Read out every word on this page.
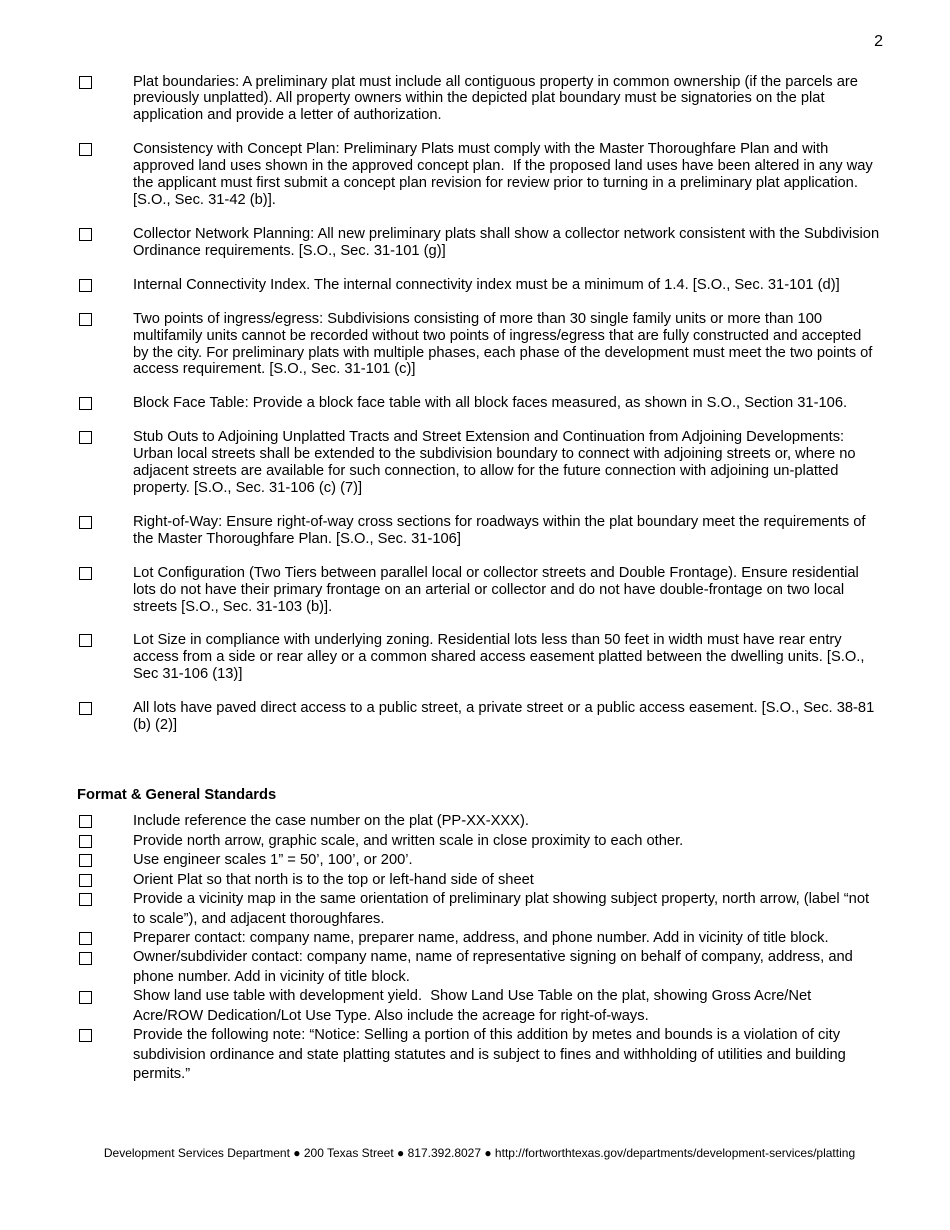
2
Plat boundaries: A preliminary plat must include all contiguous property in common ownership (if the parcels are
previously unplatted). All property owners within the depicted plat boundary must be signatories on the plat
application and provide a letter of authorization.
Consistency with Concept Plan: Preliminary Plats must comply with the Master Thoroughfare Plan and with
approved land uses shown in the approved concept plan.  If the proposed land uses have been altered in any way
the applicant must first submit a concept plan revision for review prior to turning in a preliminary plat application.
[S.O., Sec. 31-42 (b)].
Collector Network Planning: All new preliminary plats shall show a collector network consistent with the Subdivision
Ordinance requirements. [S.O., Sec. 31-101 (g)]
Internal Connectivity Index. The internal connectivity index must be a minimum of 1.4. [S.O., Sec. 31-101 (d)]
Two points of ingress/egress: Subdivisions consisting of more than 30 single family units or more than 100
multifamily units cannot be recorded without two points of ingress/egress that are fully constructed and accepted
by the city. For preliminary plats with multiple phases, each phase of the development must meet the two points of
access requirement. [S.O., Sec. 31-101 (c)]
Block Face Table: Provide a block face table with all block faces measured, as shown in S.O., Section 31-106.
Stub Outs to Adjoining Unplatted Tracts and Street Extension and Continuation from Adjoining Developments:
Urban local streets shall be extended to the subdivision boundary to connect with adjoining streets or, where no
adjacent streets are available for such connection, to allow for the future connection with adjoining un-platted
property. [S.O., Sec. 31-106 (c) (7)]
Right-of-Way: Ensure right-of-way cross sections for roadways within the plat boundary meet the requirements of
the Master Thoroughfare Plan. [S.O., Sec. 31-106]
Lot Configuration (Two Tiers between parallel local or collector streets and Double Frontage). Ensure residential
lots do not have their primary frontage on an arterial or collector and do not have double-frontage on two local
streets [S.O., Sec. 31-103 (b)].
Lot Size in compliance with underlying zoning. Residential lots less than 50 feet in width must have rear entry
access from a side or rear alley or a common shared access easement platted between the dwelling units. [S.O.,
Sec 31-106 (13)]
All lots have paved direct access to a public street, a private street or a public access easement. [S.O., Sec. 38-81
(b) (2)]
Format & General Standards
Include reference the case number on the plat (PP-XX-XXX).
Provide north arrow, graphic scale, and written scale in close proximity to each other.
Use engineer scales 1” = 50’, 100’, or 200’.
Orient Plat so that north is to the top or left-hand side of sheet
Provide a vicinity map in the same orientation of preliminary plat showing subject property, north arrow, (label “not
to scale”), and adjacent thoroughfares.
Preparer contact: company name, preparer name, address, and phone number. Add in vicinity of title block.
Owner/subdivider contact: company name, name of representative signing on behalf of company, address, and
phone number. Add in vicinity of title block.
Show land use table with development yield.  Show Land Use Table on the plat, showing Gross Acre/Net
Acre/ROW Dedication/Lot Use Type. Also include the acreage for right-of-ways.
Provide the following note: “Notice: Selling a portion of this addition by metes and bounds is a violation of city
subdivision ordinance and state platting statutes and is subject to fines and withholding of utilities and building
permits.”
Development Services Department ● 200 Texas Street ● 817.392.8027 ● http://fortworthtexas.gov/departments/development-services/platting
